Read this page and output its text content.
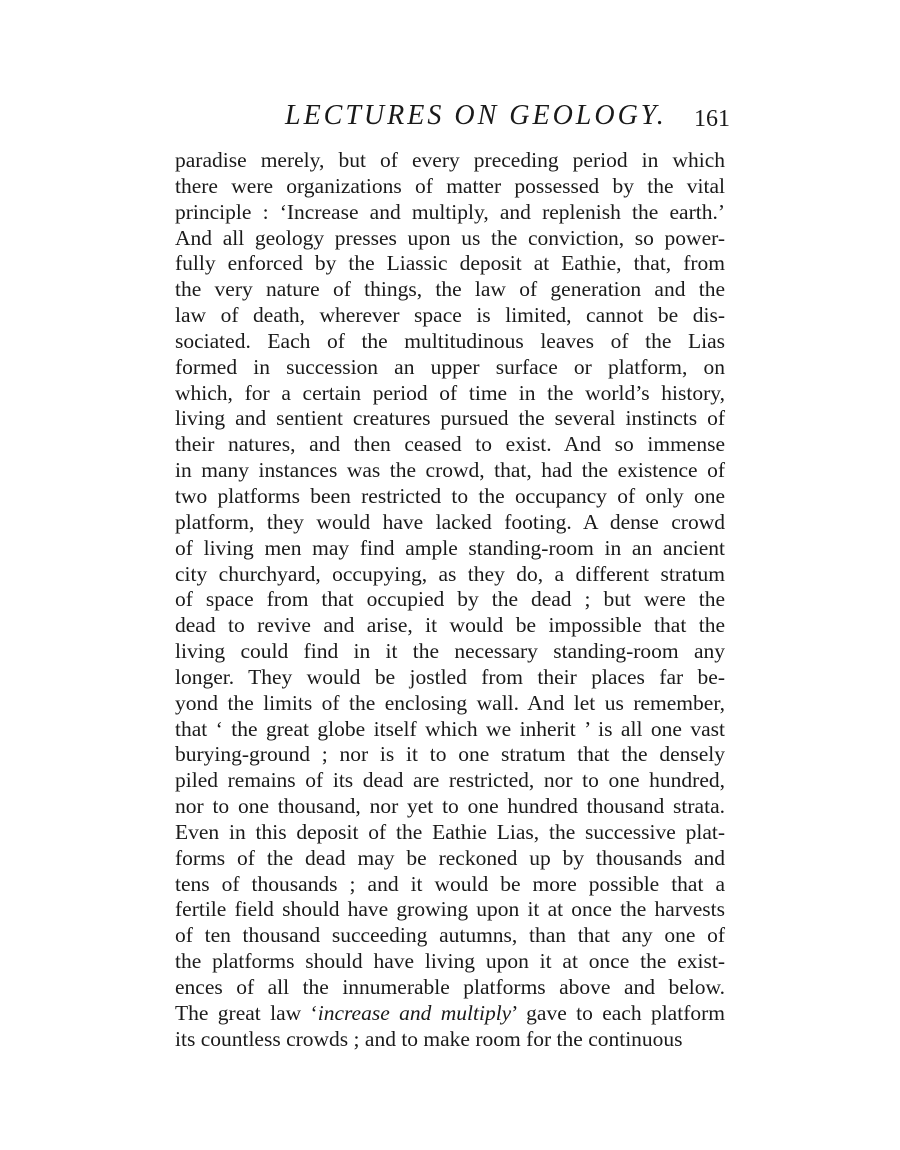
LECTURES ON GEOLOGY. 161
paradise merely, but of every preceding period in which
there were organizations of matter possessed by the vital
principle : ‘Increase and multiply, and replenish the earth.’
And all geology presses upon us the conviction, so power-
fully enforced by the Liassic deposit at Eathie, that, from
the very nature of things, the law of generation and the
law of death, wherever space is limited, cannot be dis-
sociated. Each of the multitudinous leaves of the Lias
formed in succession an upper surface or platform, on
which, for a certain period of time in the world’s history,
living and sentient creatures pursued the several instincts of
their natures, and then ceased to exist. And so immense
in many instances was the crowd, that, had the existence of
two platforms been restricted to the occupancy of only one
platform, they would have lacked footing. A dense crowd
of living men may find ample standing-room in an ancient
city churchyard, occupying, as they do, a different stratum
of space from that occupied by the dead ; but were the
dead to revive and arise, it would be impossible that the
living could find in it the necessary standing-room any
longer. They would be jostled from their places far be-
yond the limits of the enclosing wall. And let us remember,
that ‘ the great globe itself which we inherit ’ is all one vast
burying-ground ; nor is it to one stratum that the densely
piled remains of its dead are restricted, nor to one hundred,
nor to one thousand, nor yet to one hundred thousand strata.
Even in this deposit of the Eathie Lias, the successive plat-
forms of the dead may be reckoned up by thousands and
tens of thousands ; and it would be more possible that a
fertile field should have growing upon it at once the harvests
of ten thousand succeeding autumns, than that any one of
the platforms should have living upon it at once the exist-
ences of all the innumerable platforms above and below.
The great law ‘increase and multiply’ gave to each platform
its countless crowds ; and to make room for the continuous
